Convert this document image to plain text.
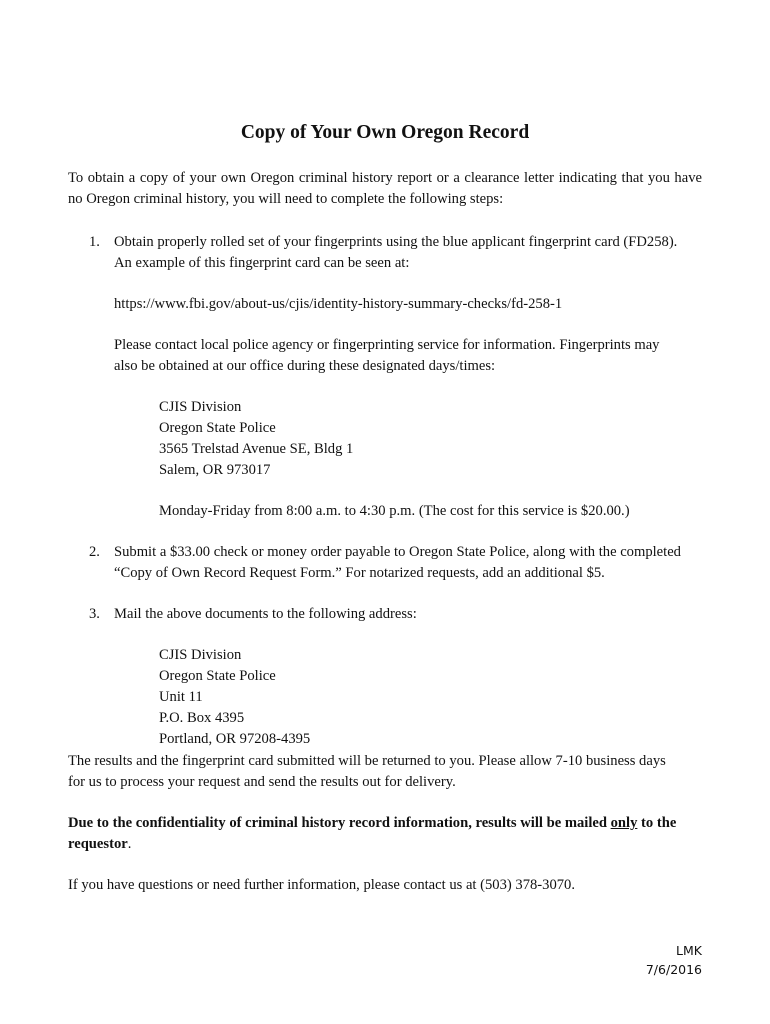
Copy of Your Own Oregon Record

To obtain a copy of your own Oregon criminal history report or a clearance letter indicating that you have no Oregon criminal history, you will need to complete the following steps:

1. Obtain properly rolled set of your fingerprints using the blue applicant fingerprint card (FD258).
An example of this fingerprint card can be seen at:
https://www.fbi.gov/about-us/cjis/identity-history-summary-checks/fd-258-1
Please contact local police agency or fingerprinting service for information. Fingerprints may
also be obtained at our office during these designated days/times:
CJIS Division
Oregon State Police
3565 Trelstad Avenue SE, Bldg 1
Salem, OR 973017
Monday-Friday from 8:00 a.m. to 4:30 p.m. (The cost for this service is $20.00.)
2. Submit a $33.00 check or money order payable to Oregon State Police, along with the completed
“Copy of Own Record Request Form.” For notarized requests, add an additional $5.
3. Mail the above documents to the following address:
CJIS Division
Oregon State Police
Unit 11
P.O. Box 4395
Portland, OR 97208-4395
The results and the fingerprint card submitted will be returned to you. Please allow 7-10 business days
for us to process your request and send the results out for delivery.
Due to the confidentiality of criminal history record information, results will be mailed only to the
requestor.
If you have questions or need further information, please contact us at (503) 378-3070.
LMK
7/6/2016
